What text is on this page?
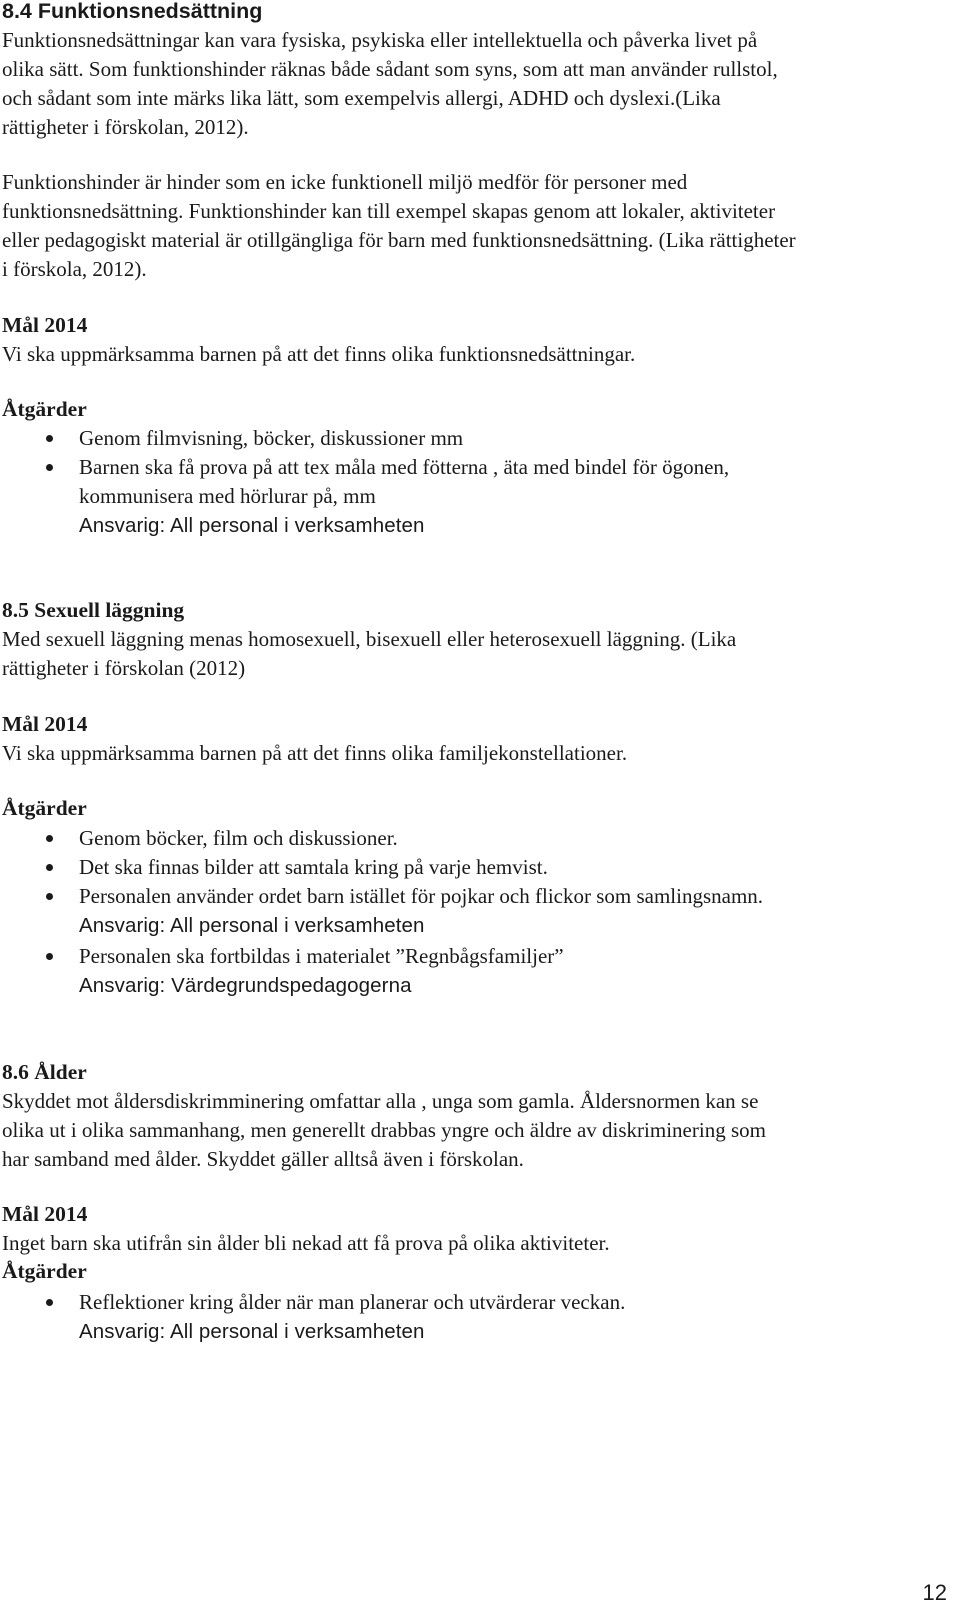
8.4 Funktionsnedsättning
Funktionsnedsättningar kan vara fysiska, psykiska eller intellektuella och påverka livet på
olika sätt. Som funktionshinder räknas både sådant som syns, som att man använder rullstol,
och sådant som inte märks lika lätt, som exempelvis allergi, ADHD och dyslexi.(Lika
rättigheter i förskolan, 2012).
Funktionshinder är hinder som en icke funktionell miljö medför för personer med
funktionsnedsättning. Funktionshinder kan till exempel skapas genom att lokaler, aktiviteter
eller pedagogiskt material är otillgängliga för barn med funktionsnedsättning. (Lika rättigheter
i förskola, 2012).
Mål 2014
Vi ska uppmärksamma barnen på att det finns olika funktionsnedsättningar.
Åtgärder
Genom filmvisning, böcker, diskussioner mm
Barnen ska få prova på att tex måla med fötterna , äta med bindel för ögonen,
kommunisera med hörlurar på, mm
Ansvarig: All personal i verksamheten
8.5 Sexuell läggning
Med sexuell läggning menas homosexuell, bisexuell eller heterosexuell läggning. (Lika
rättigheter i förskolan (2012)
Mål 2014
Vi ska uppmärksamma barnen på att det finns olika familjekonstellationer.
Åtgärder
Genom böcker, film och diskussioner.
Det ska finnas bilder att samtala kring på varje hemvist.
Personalen använder ordet barn istället för pojkar och flickor som samlingsnamn.
Ansvarig: All personal i verksamheten
Personalen ska fortbildas i materialet ”Regnbågsfamiljer”
Ansvarig: Värdegrundspedagogerna
8.6 Ålder
Skyddet mot åldersdiskrimminering omfattar alla , unga som gamla. Åldersnormen kan se
olika ut i olika sammanhang, men generellt drabbas yngre och äldre av diskriminering som
har samband med ålder. Skyddet gäller alltså även i förskolan.
Mål 2014
Inget barn ska utifrån sin ålder bli nekad att få prova på olika aktiviteter.
Åtgärder
Reflektioner kring ålder när man planerar och utvärderar veckan.
Ansvarig: All personal i verksamheten
12
